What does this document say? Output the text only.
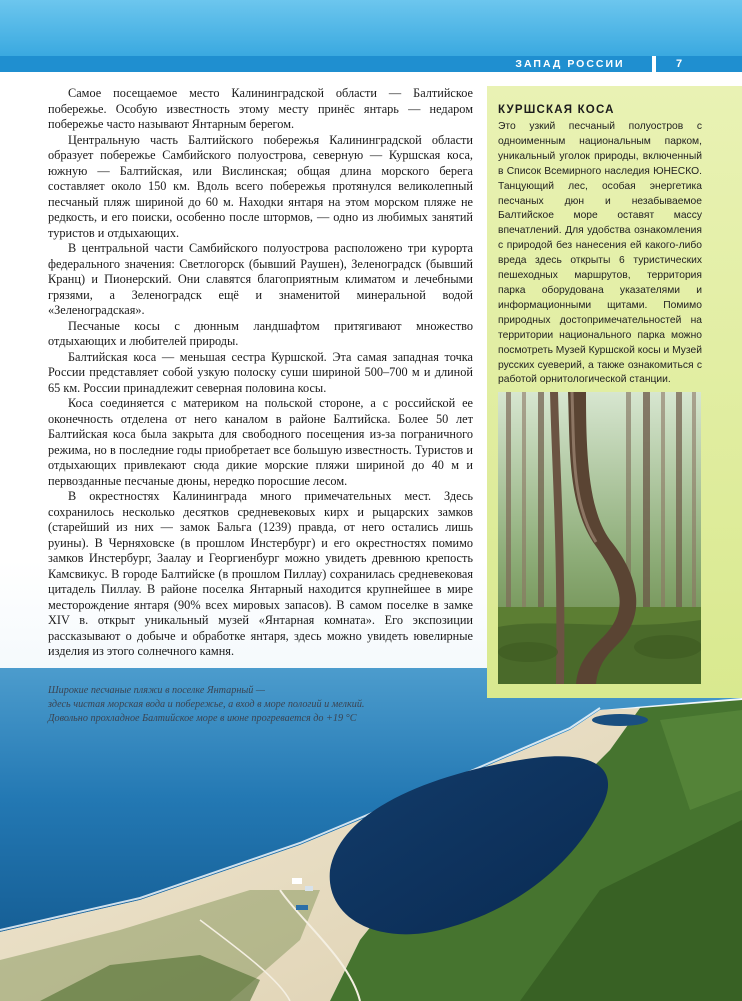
ЗАПАД РОССИИ	7

Самое посещаемое место Калининградской области — Балтийское побережье. Особую известность этому месту принёс янтарь — недаром побережье часто называют Янтарным берегом.

Центральную часть Балтийского побережья Калининградской области образует побережье Самбийского полуострова, северную — Куршская коса, южную — Балтийская, или Вислинская; общая длина морского берега составляет около 150 км. Вдоль всего побережья протянулся великолепный песчаный пляж шириной до 60 м. Находки янтаря на этом морском пляже не редкость, и его поиски, особенно после штормов, — одно из любимых занятий туристов и отдыхающих.

В центральной части Самбийского полуострова расположено три курорта федерального значения: Светлогорск (бывший Раушен), Зеленоградск (бывший Кранц) и Пионерский. Они славятся благоприятным климатом и лечебными грязями, а Зеленоградск ещё и знаменитой минеральной водой «Зеленоградская».

Песчаные косы с дюнным ландшафтом притягивают множество отдыхающих и любителей природы.

Балтийская коса — меньшая сестра Куршской. Эта самая западная точка России представляет собой узкую полоску суши шириной 500–700 м и длиной 65 км. России принадлежит северная половина косы.

Коса соединяется с материком на польской стороне, а с российской ее оконечность отделена от него каналом в районе Балтийска. Более 50 лет Балтийская коса была закрыта для свободного посещения из-за пограничного режима, но в последние годы приобретает все большую известность. Туристов и отдыхающих привлекают сюда дикие морские пляжи шириной до 40 м и первозданные песчаные дюны, нередко поросшие лесом.

В окрестностях Калининграда много примечательных мест. Здесь сохранилось несколько десятков средневековых кирх и рыцарских замков (старейший из них — замок Бальга (1239) правда, от него остались лишь руины). В Черняховске (в прошлом Инстербург) и его окрестностях помимо замков Инстербург, Заалау и Георгиенбург можно увидеть древнюю крепость Камсвикус. В городе Балтийске (в прошлом Пиллау) сохранилась средневековая цитадель Пиллау. В районе поселка Янтарный находится крупнейшее в мире месторождение янтаря (90% всех мировых запасов). В самом поселке в замке XIV в. открыт уникальный музей «Янтарная комната». Его экспозиции рассказывают о добыче и обработке янтаря, здесь можно увидеть ювелирные изделия из этого солнечного камня.

Широкие песчаные пляжи в поселке Янтарный —
здесь чистая морская вода и побережье, а вход в море пологий и мелкий.
Довольно прохладное Балтийское море в июне прогревается до +19 °С
КУРШСКАЯ КОСА
Это узкий песчаный полуостров с одноименным национальным парком, уникальный уголок природы, включенный в Список Всемирного наследия ЮНЕСКО. Танцующий лес, особая энергетика песчаных дюн и незабываемое Балтийское море оставят массу впечатлений. Для удобства ознакомления с природой без нанесения ей какого-либо вреда здесь открыты 6 туристических пешеходных маршрутов, территория парка оборудована указателями и информационными щитами. Помимо природных достопримечательностей на территории национального парка можно посмотреть Музей Куршской косы и Музей русских суеверий, а также ознакомиться с работой орнитологической станции.
